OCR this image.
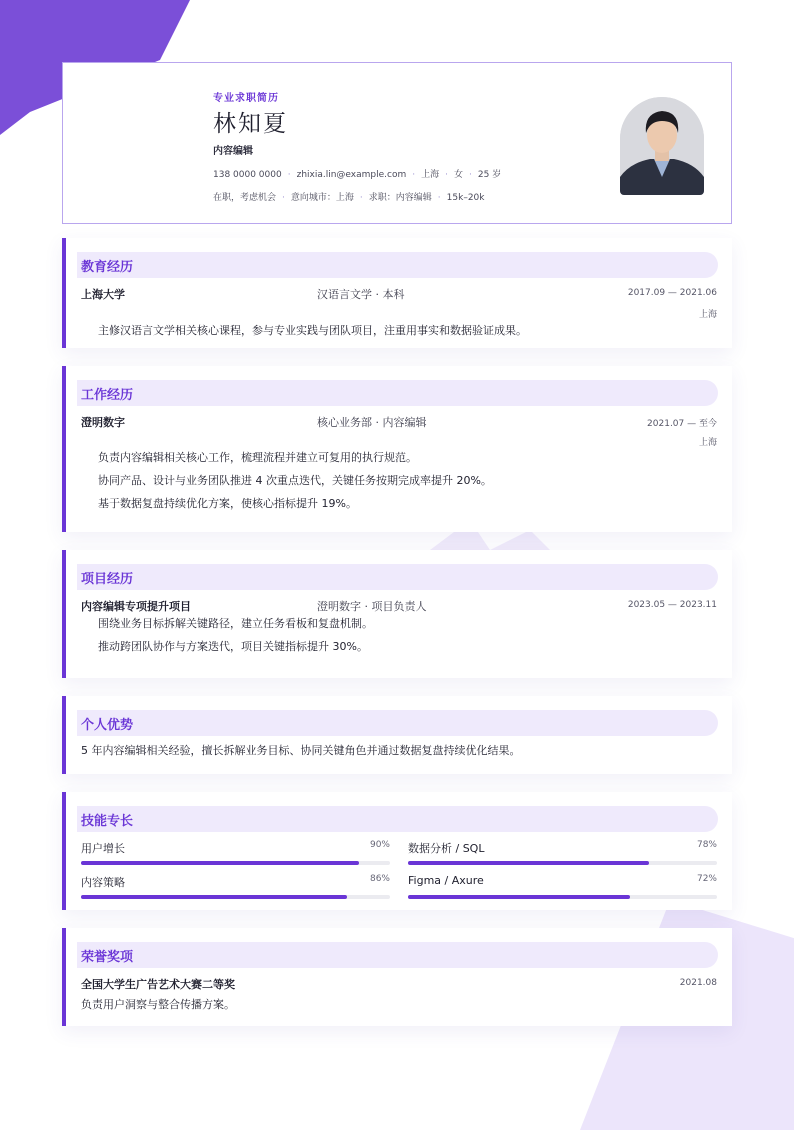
专业求职简历
林知夏
内容编辑
138 0000 0000 · zhixia.lin@example.com · 上海 · 女 · 25 岁
在职，考虑机会 · 意向城市：上海 · 求职：内容编辑 · 15k–20k
教育经历
上海大学	汉语言文学 · 本科	2017.09 — 2021.06
上海
主修汉语言文学相关核心课程，参与专业实践与团队项目，注重用事实和数据验证成果。
工作经历
澄明数字	核心业务部 · 内容编辑	2021.07 — 至今
上海
负责内容编辑相关核心工作，梳理流程并建立可复用的执行规范。
协同产品、设计与业务团队推进 4 次重点迭代，关键任务按期完成率提升 20%。
基于数据复盘持续优化方案，使核心指标提升 19%。
项目经历
内容编辑专项提升项目	澄明数字 · 项目负责人	2023.05 — 2023.11
围绕业务目标拆解关键路径，建立任务看板和复盘机制。
推动跨团队协作与方案迭代，项目关键指标提升 30%。
个人优势
5 年内容编辑相关经验，擅长拆解业务目标、协同关键角色并通过数据复盘持续优化结果。
技能专长
用户增长	90% 数据分析 / SQL	78%
内容策略	86% Figma / Axure	72%
荣誉奖项
全国大学生广告艺术大赛二等奖	2021.08
负责用户洞察与整合传播方案。
